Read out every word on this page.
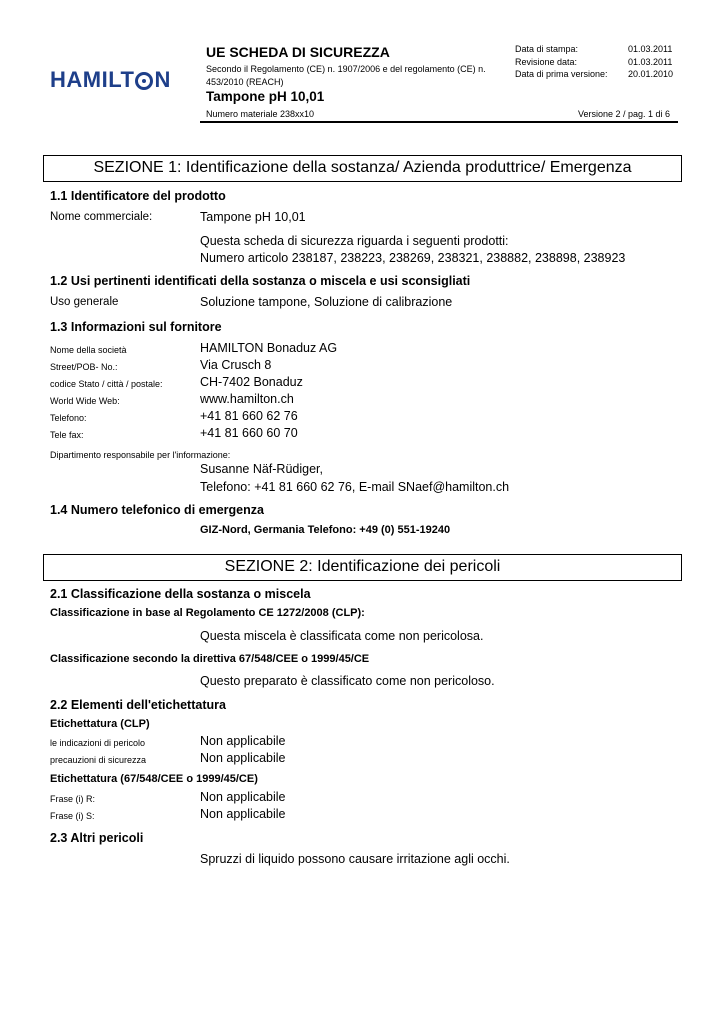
HAMILT N
UE SCHEDA DI SICUREZZA
Secondo il Regolamento (CE) n. 1907/2006 e del regolamento (CE) n. 453/2010 (REACH)
Tampone pH 10,01
Numero materiale 238xx10	Versione 2 / pag. 1 di 6
Data di stampa:	01.03.2011
Revisione data:	01.03.2011
Data di prima versione: 20.01.2010
SEZIONE 1: Identificazione della sostanza/ Azienda produttrice/ Emergenza
1.1 Identificatore del prodotto
Nome commerciale:	Tampone pH 10,01
Questa scheda di sicurezza riguarda i seguenti prodotti:
Numero articolo 238187, 238223, 238269, 238321, 238882, 238898, 238923
1.2 Usi pertinenti identificati della sostanza o miscela e usi sconsigliati
Uso generale	Soluzione tampone, Soluzione di calibrazione
1.3 Informazioni sul fornitore
Nome della società	HAMILTON Bonaduz AG
Street/POB- No.:	Via Crusch 8
codice Stato / città / postale:	CH-7402 Bonaduz
World Wide Web:	www.hamilton.ch
Telefono:	+41 81 660 62 76
Tele fax:	+41 81 660 60 70
Dipartimento responsabile per l'informazione:
Susanne Näf-Rüdiger,
Telefono: +41 81 660 62 76, E-mail SNaef@hamilton.ch
1.4 Numero telefonico di emergenza
GIZ-Nord, Germania Telefono: +49 (0) 551-19240
SEZIONE 2: Identificazione dei pericoli
2.1 Classificazione della sostanza o miscela
Classificazione in base al Regolamento CE 1272/2008 (CLP):
Questa miscela è classificata come non pericolosa.
Classificazione secondo la direttiva 67/548/CEE o 1999/45/CE
Questo preparato è classificato come non pericoloso.
2.2 Elementi dell'etichettatura
Etichettatura (CLP)
le indicazioni di pericolo	Non applicabile
precauzioni di sicurezza	Non applicabile
Etichettatura (67/548/CEE o 1999/45/CE)
Frase (i) R:	Non applicabile
Frase (i) S:	Non applicabile
2.3 Altri pericoli
Spruzzi di liquido possono causare irritazione agli occhi.
